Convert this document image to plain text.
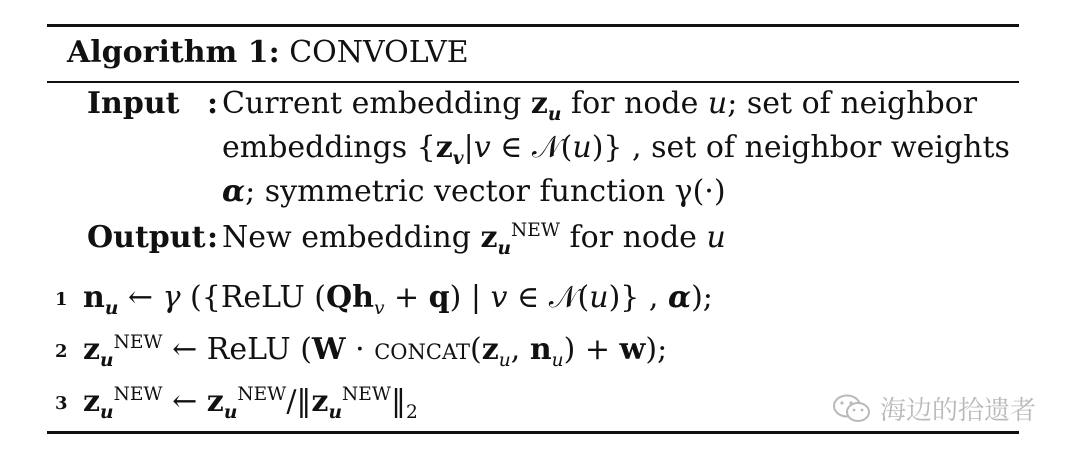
Algorithm 1: CONVOLVE
Input : Current embedding $z_u$ for node u; set of neighbor
embeddings {$z_v|v$ ∈ 𝒩(u)} , set of neighbor weights
α; symmetric vector function γ(·)
Output : New embedding $z_u^{NEW}$ for node u
1 $n_u$ ← γ ({ReLU $(Qh_v + q)$ | v ∈ 𝒩(u)} , α);
2 $z_u^{NEW}$ ← ReLU ($W \cdot concat(z_u$, $n_u) + w$);
3 $z_u^{NEW}$ ← $z_u^{NEW}/‖z_u^{NEW}‖_2$	海边的拾遗者
